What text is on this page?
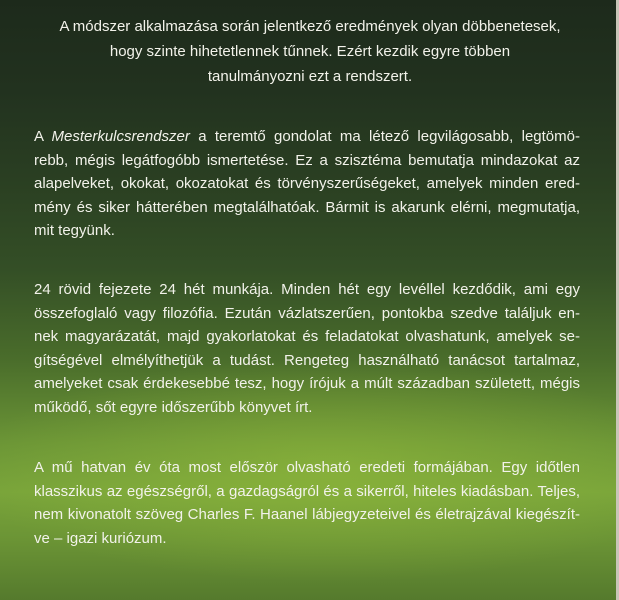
A módszer alkalmazása során jelentkező eredmények olyan döbbenetesek,
hogy szinte hihetetlennek tűnnek. Ezért kezdik egyre többen
tanulmányozni ezt a rendszert.
A Mesterkulcsrendszer a teremtő gondolat ma létező legvilágosabb, legtömö-
rebb, mégis legátfogóbb ismertetése. Ez a szisztéma bemutatja mindazokat az
alapelveket, okokat, okozatokat és törvényszerűségeket, amelyek minden ered-
mény és siker hátterében megtalálhatóak. Bármit is akarunk elérni, megmutatja,
mit tegyünk.
24 rövid fejezete 24 hét munkája. Minden hét egy levéllel kezdődik, ami egy
összefoglaló vagy filozófia. Ezután vázlatszerűen, pontokba szedve találjuk en-
nek magyarázatát, majd gyakorlatokat és feladatokat olvashatunk, amelyek se-
gítségével elmélyíthetjük a tudást. Rengeteg használható tanácsot tartalmaz,
amelyeket csak érdekesebbé tesz, hogy írójuk a múlt században született, mégis
működő, sőt egyre időszerűbb könyvet írt.
A mű hatvan év óta most először olvasható eredeti formájában. Egy időtlen
klasszikus az egészségről, a gazdagságról és a sikerről, hiteles kiadásban. Teljes,
nem kivonatolt szöveg Charles F. Haanel lábjegyzeteivel és életrajzával kiegészít-
ve – igazi kuriózum.
